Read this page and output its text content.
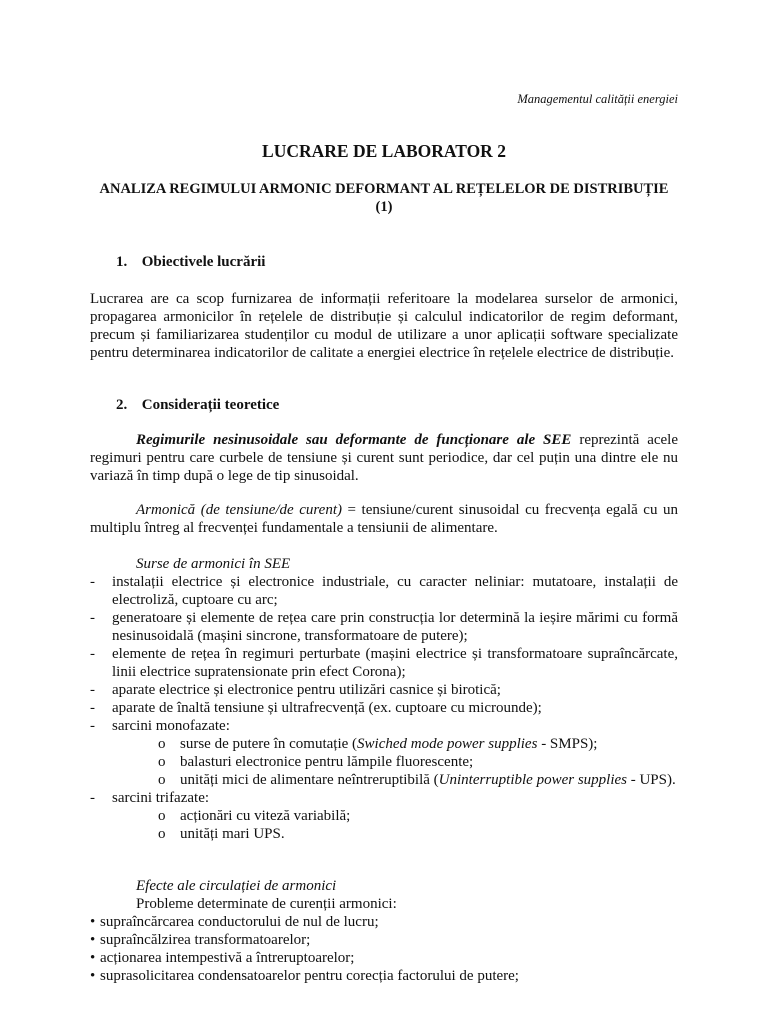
Managementul calității energiei
LUCRARE DE LABORATOR 2
ANALIZA REGIMULUI ARMONIC DEFORMANT AL REȚELELOR DE DISTRIBUȚIE (1)
1. Obiectivele lucrării
Lucrarea are ca scop furnizarea de informații referitoare la modelarea surselor de armonici, propagarea armonicilor în rețelele de distribuție și calculul indicatorilor de regim deformant, precum și familiarizarea studenților cu modul de utilizare a unor aplicații software specializate pentru determinarea indicatorilor de calitate a energiei electrice în rețelele electrice de distribuție.
2. Considerații teoretice
Regimurile nesinusoidale sau deformante de funcționare ale SEE reprezintă acele regimuri pentru care curbele de tensiune și curent sunt periodice, dar cel puțin una dintre ele nu variază în timp după o lege de tip sinusoidal.
Armonică (de tensiune/de curent) = tensiune/curent sinusoidal cu frecvența egală cu un multiplu întreg al frecvenței fundamentale a tensiunii de alimentare.
Surse de armonici în SEE
- instalații electrice și electronice industriale, cu caracter neliniar: mutatoare, instalații de electroliză, cuptoare cu arc;
- generatoare și elemente de rețea care prin construcția lor determină la ieșire mărimi cu formă nesinusoidală (mașini sincrone, transformatoare de putere);
- elemente de rețea în regimuri perturbate (mașini electrice și transformatoare supraîncărcate, linii electrice supratensionate prin efect Corona);
- aparate electrice și electronice pentru utilizări casnice și birotică;
- aparate de înaltă tensiune și ultrafrecvență (ex. cuptoare cu microunde);
- sarcini monofazate:
o surse de putere în comutație (Swiched mode power supplies - SMPS);
o balasturi electronice pentru lămpile fluorescente;
o unități mici de alimentare neîntreruptibilă (Uninterruptible power supplies - UPS).
- sarcini trifazate:
o acționări cu viteză variabilă;
o unități mari UPS.
Efecte ale circulației de armonici
Probleme determinate de curenții armonici:
• supraîncărcarea conductorului de nul de lucru;
• supraîncălzirea transformatoarelor;
• acționarea intempestivă a întreruptoarelor;
• suprasolicitarea condensatoarelor pentru corecția factorului de putere;
